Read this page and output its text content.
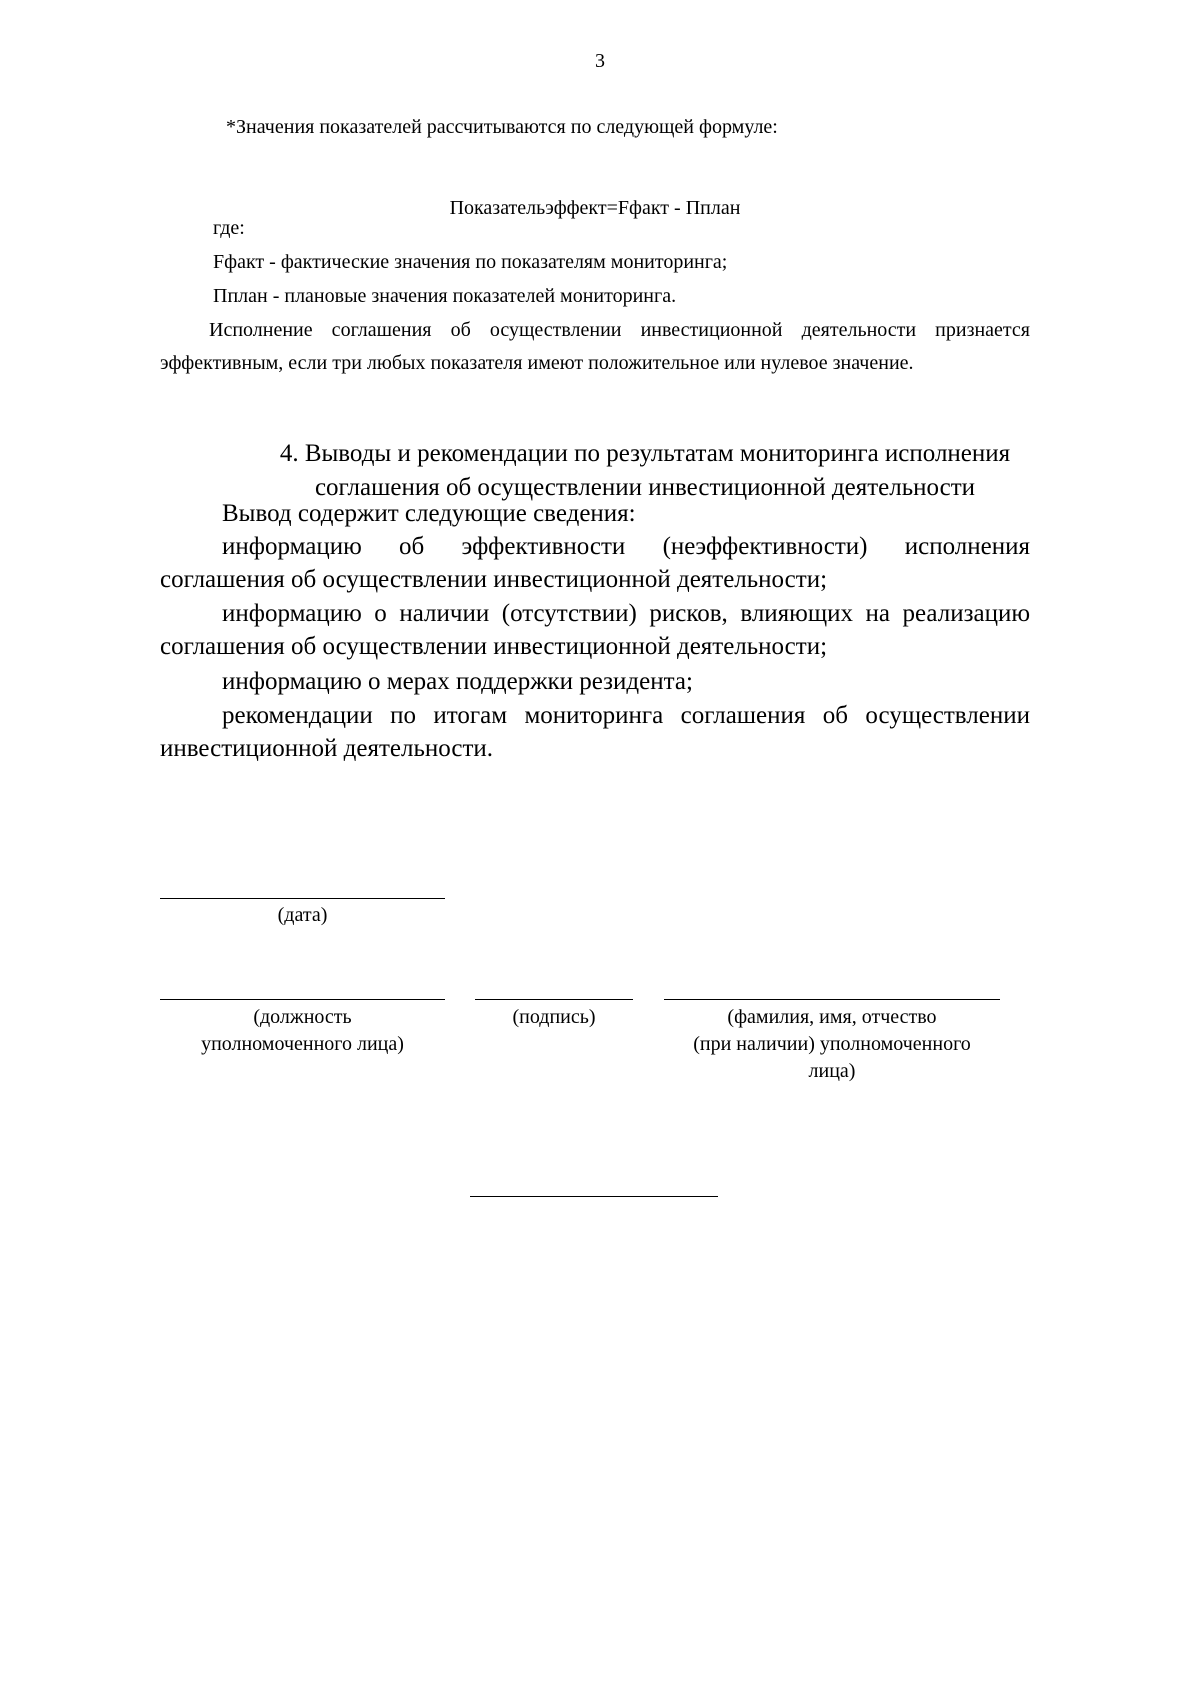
3
*Значения показателей рассчитываются по следующей формуле:
Показательэффект=Fфакт - Пплан
где:
Fфакт - фактические значения по показателям мониторинга;
Пплан - плановые значения показателей мониторинга.
Исполнение соглашения об осуществлении инвестиционной деятельности признается
эффективным, если три любых показателя имеют положительное или нулевое значение.
4. Выводы и рекомендации по результатам мониторинга исполнения
соглашения об осуществлении инвестиционной деятельности
Вывод содержит следующие сведения:
информацию об эффективности (неэффективности) исполнения
соглашения об осуществлении инвестиционной деятельности;
информацию о наличии (отсутствии) рисков, влияющих на реализацию
соглашения об осуществлении инвестиционной деятельности;
информацию о мерах поддержки резидента;
рекомендации по итогам мониторинга соглашения об осуществлении
инвестиционной деятельности.
(дата)
(должность
уполномоченного лица)
(подпись)	(фамилия, имя, отчество
(при наличии) уполномоченного
лица)
